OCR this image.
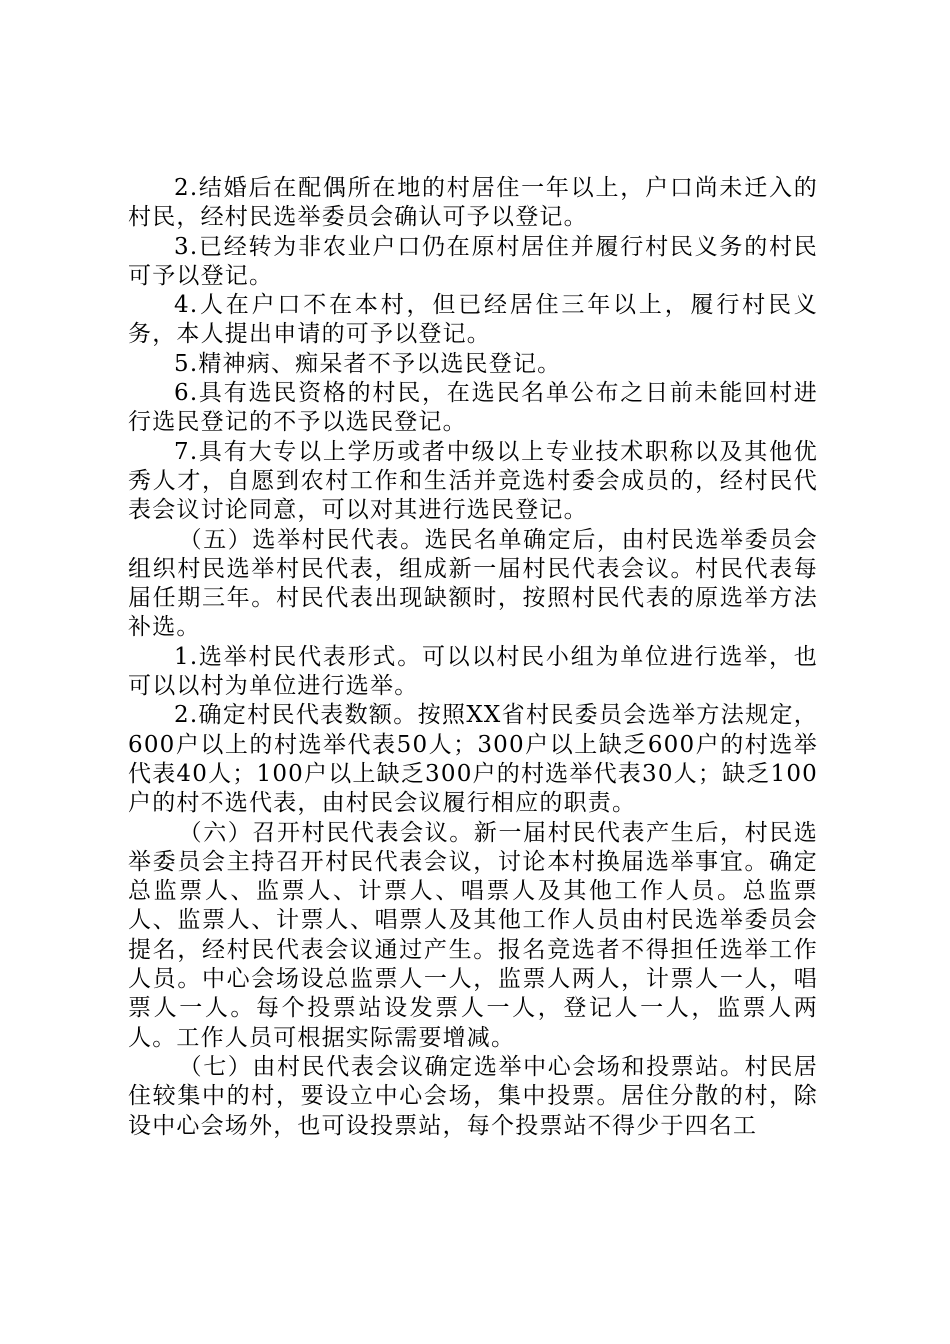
2.结婚后在配偶所在地的村居住一年以上，户口尚未迁入的村民，经村民选举委员会确认可予以登记。

3.已经转为非农业户口仍在原村居住并履行村民义务的村民可予以登记。

4.人在户口不在本村，但已经居住三年以上，履行村民义务，本人提出申请的可予以登记。

5.精神病、痴呆者不予以选民登记。

6.具有选民资格的村民，在选民名单公布之日前未能回村进行选民登记的不予以选民登记。

7.具有大专以上学历或者中级以上专业技术职称以及其他优秀人才，自愿到农村工作和生活并竞选村委会成员的，经村民代表会议讨论同意，可以对其进行选民登记。

（五）选举村民代表。选民名单确定后，由村民选举委员会组织村民选举村民代表，组成新一届村民代表会议。村民代表每届任期三年。村民代表出现缺额时，按照村民代表的原选举方法补选。

1.选举村民代表形式。可以以村民小组为单位进行选举，也可以以村为单位进行选举。

2.确定村民代表数额。按照XX省村民委员会选举方法规定，600户以上的村选举代表50人；300户以上缺乏600户的村选举代表40人；100户以上缺乏300户的村选举代表30人；缺乏100户的村不选代表，由村民会议履行相应的职责。

（六）召开村民代表会议。新一届村民代表产生后，村民选举委员会主持召开村民代表会议，讨论本村换届选举事宜。确定总监票人、监票人、计票人、唱票人及其他工作人员。总监票人、监票人、计票人、唱票人及其他工作人员由村民选举委员会提名，经村民代表会议通过产生。报名竞选者不得担任选举工作人员。中心会场设总监票人一人，监票人两人，计票人一人，唱票人一人。每个投票站设发票人一人，登记人一人，监票人两人。工作人员可根据实际需要增减。

（七）由村民代表会议确定选举中心会场和投票站。村民居住较集中的村，要设立中心会场，集中投票。居住分散的村，除设中心会场外，也可设投票站，每个投票站不得少于四名工
